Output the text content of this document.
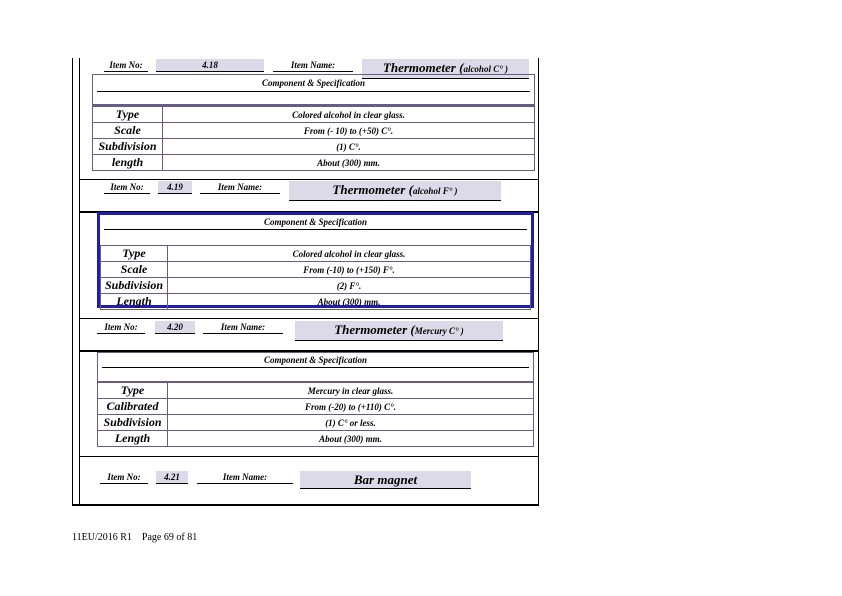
Item No:	4.18	Item Name:	Thermometer (alcohol C° )
Component & Specification
Type	Colored alcohol in clear glass.
Scale	From (- 10) to (+50) C°.
Subdivision	(1) C°.
length	About (300) mm.
Item No:	4.19	Item Name:	Thermometer (alcohol F° )
Component & Specification
Type	Colored alcohol in clear glass.
Scale	From (-10) to (+150) F°.
Subdivision	(2) F°.
Length	About (300) mm.
Item No:	4.20	Item Name:	Thermometer (Mercury C° )
Component & Specification
Type	Mercury in clear glass.
Calibrated	From (-20) to (+110) C°.
Subdivision	(1) C° or less.
Length	About (300) mm.
Item No:	4.21	Item Name:	Bar magnet
11EU/2016 R1 Page 69 of 81
